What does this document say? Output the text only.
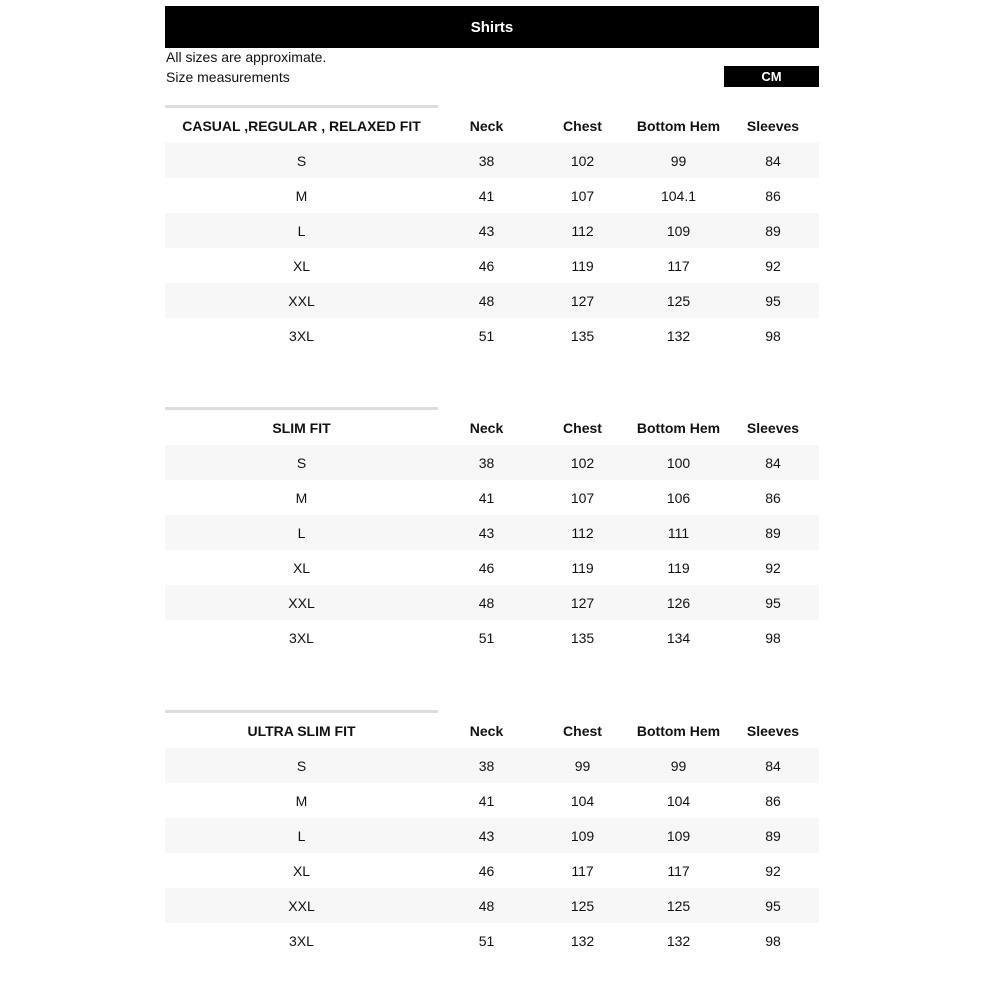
Shirts
All sizes are approximate.
Size measurements	CM
CASUAL ,REGULAR , RELAXED FIT	Neck	Chest	Bottom Hem	Sleeves
S	38	102	99	84
M	41	107	104.1	86
L	43	112	109	89
XL	46	119	117	92
XXL	48	127	125	95
3XL	51	135	132	98
SLIM FIT	Neck	Chest	Bottom Hem	Sleeves
S	38	102	100	84
M	41	107	106	86
L	43	112	111	89
XL	46	119	119	92
XXL	48	127	126	95
3XL	51	135	134	98
ULTRA SLIM FIT	Neck	Chest	Bottom Hem	Sleeves
S	38	99	99	84
M	41	104	104	86
L	43	109	109	89
XL	46	117	117	92
XXL	48	125	125	95
3XL	51	132	132	98
